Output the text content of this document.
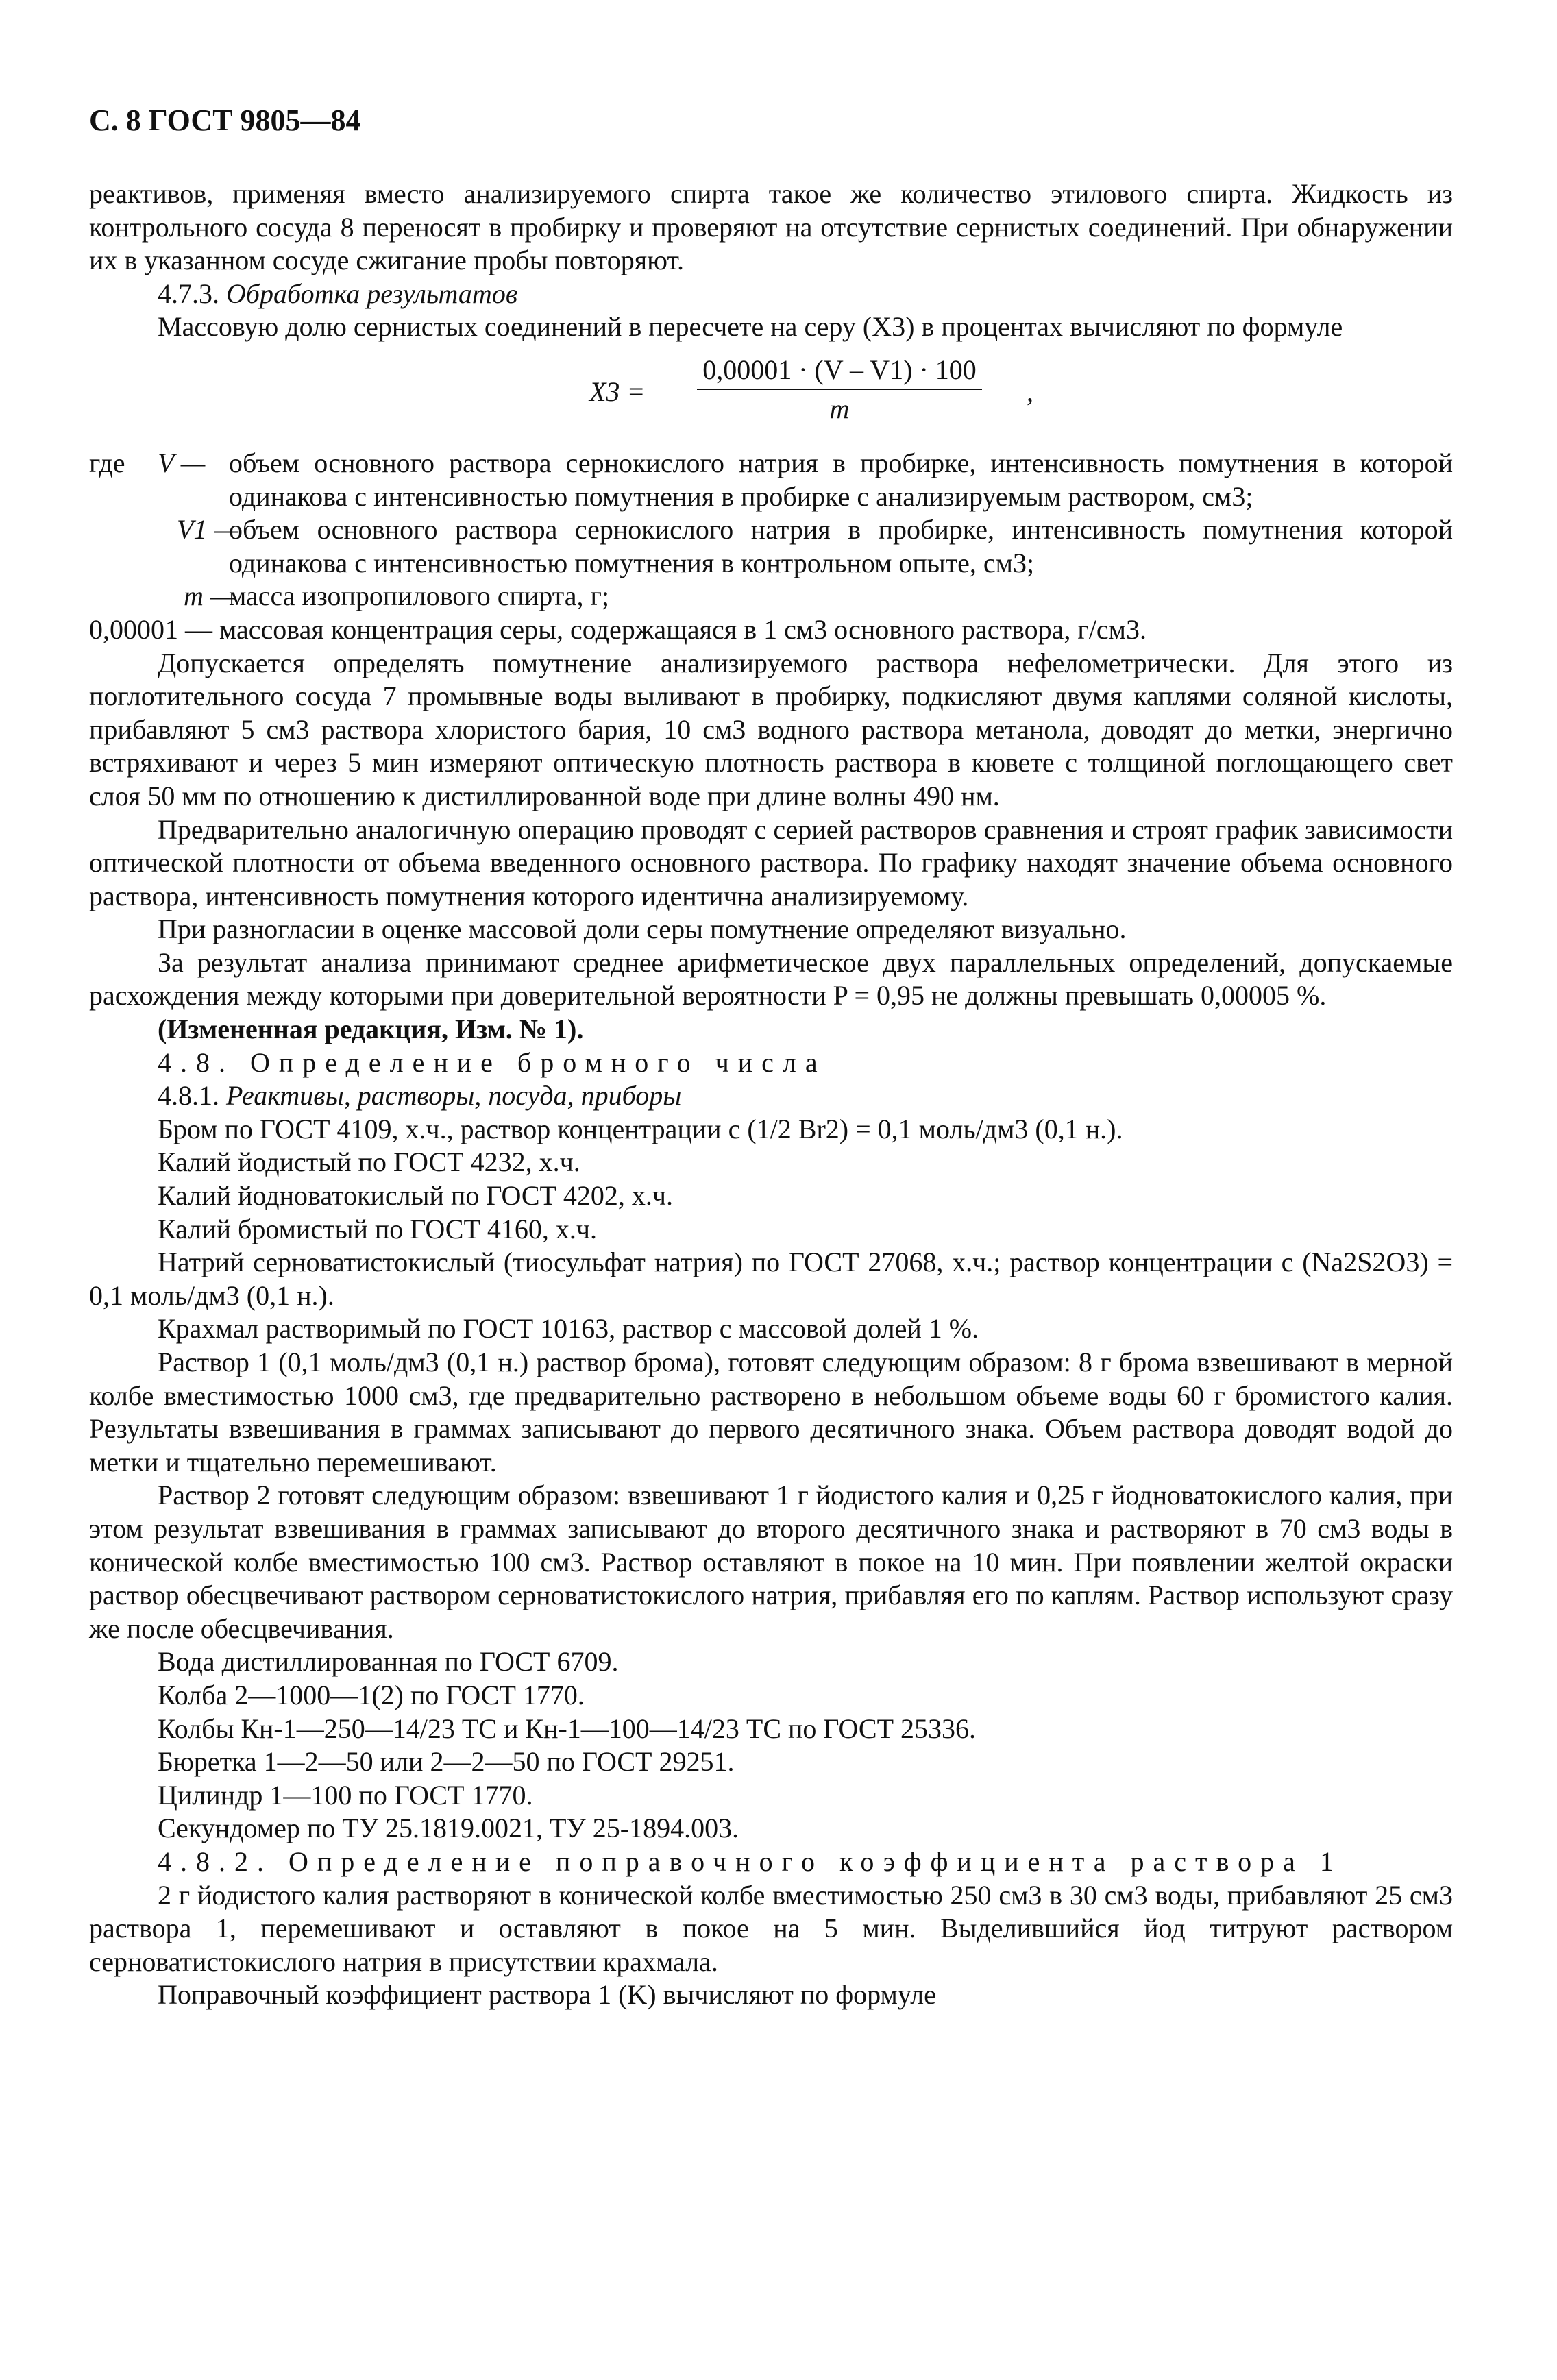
С. 8 ГОСТ 9805—84

реактивов, применяя вместо анализируемого спирта такое же количество этилового спирта. Жидкость из контрольного сосуда 8 переносят в пробирку и проверяют на отсутствие сернистых соединений. При обнаружении их в указанном сосуде сжигание пробы повторяют.

4.7.3. Обработка результатов

Массовую долю сернистых соединений в пересчете на серу (X3) в процентах вычисляют по формуле

$X3 = \frac{0,00001 \cdot (V - V1) \cdot 100}{m}$ ,
где V — объем основного раствора сернокислого натрия в пробирке, интенсивность помутнения в которой одинакова с интенсивностью помутнения в пробирке с анализируемым раствором, см3;
V1 —
объем основного раствора сернокислого натрия в пробирке, интенсивность помутнения которой одинакова с интенсивностью помутнения в контрольном опыте, см3;
m —
масса изопропилового спирта, г;

0,00001 — массовая концентрация серы, содержащаяся в 1 см3 основного раствора, г/см3.

Допускается определять помутнение анализируемого раствора нефелометрически. Для этого из поглотительного сосуда 7 промывные воды выливают в пробирку, подкисляют двумя каплями соляной кислоты, прибавляют 5 см3 раствора хлористого бария, 10 см3 водного раствора метанола, доводят до метки, энергично встряхивают и через 5 мин измеряют оптическую плотность раствора в кювете с толщиной поглощающего свет слоя 50 мм по отношению к дистиллированной воде при длине волны 490 нм.

Предварительно аналогичную операцию проводят с серией растворов сравнения и строят график зависимости оптической плотности от объема введенного основного раствора. По графику находят значение объема основного раствора, интенсивность помутнения которого идентична анализируемому.

При разногласии в оценке массовой доли серы помутнение определяют визуально.

За результат анализа принимают среднее арифметическое двух параллельных определений, допускаемые расхождения между которыми при доверительной вероятности P = 0,95 не должны превышать 0,00005 %.

(Измененная редакция, Изм. № 1).

4.8. Определение бромного числа

4.8.1. Реактивы, растворы, посуда, приборы

Бром по ГОСТ 4109, х.ч., раствор концентрации с (1/2 Br2) = 0,1 моль/дм3 (0,1 н.).

Калий йодистый по ГОСТ 4232, х.ч.

Калий йодноватокислый по ГОСТ 4202, х.ч.

Калий бромистый по ГОСТ 4160, х.ч.

Натрий серноватистокислый (тиосульфат натрия) по ГОСТ 27068, х.ч.; раствор концентрации с (Na2S2O3) = 0,1 моль/дм3 (0,1 н.).

Крахмал растворимый по ГОСТ 10163, раствор с массовой долей 1 %.

Раствор 1 (0,1 моль/дм3 (0,1 н.) раствор брома), готовят следующим образом: 8 г брома взвешивают в мерной колбе вместимостью 1000 см3, где предварительно растворено в небольшом объеме воды 60 г бромистого калия. Результаты взвешивания в граммах записывают до первого десятичного знака. Объем раствора доводят водой до метки и тщательно перемешивают.

Раствор 2 готовят следующим образом: взвешивают 1 г йодистого калия и 0,25 г йодноватокислого калия, при этом результат взвешивания в граммах записывают до второго десятичного знака и растворяют в 70 см3 воды в конической колбе вместимостью 100 см3. Раствор оставляют в покое на 10 мин. При появлении желтой окраски раствор обесцвечивают раствором серноватистокислого натрия, прибавляя его по каплям. Раствор используют сразу же после обесцвечивания.

Вода дистиллированная по ГОСТ 6709.

Колба 2—1000—1(2) по ГОСТ 1770.

Колбы Кн-1—250—14/23 ТС и Кн-1—100—14/23 ТС по ГОСТ 25336.

Бюретка 1—2—50 или 2—2—50 по ГОСТ 29251.

Цилиндр 1—100 по ГОСТ 1770.

Секундомер по ТУ 25.1819.0021, ТУ 25-1894.003.

4.8.2. Определение поправочного коэффициента раствора 1

2 г йодистого калия растворяют в конической колбе вместимостью 250 см3 в 30 см3 воды, прибавляют 25 см3 раствора 1, перемешивают и оставляют в покое на 5 мин. Выделившийся йод титруют раствором серноватистокислого натрия в присутствии крахмала.

Поправочный коэффициент раствора 1 (K) вычисляют по формуле
